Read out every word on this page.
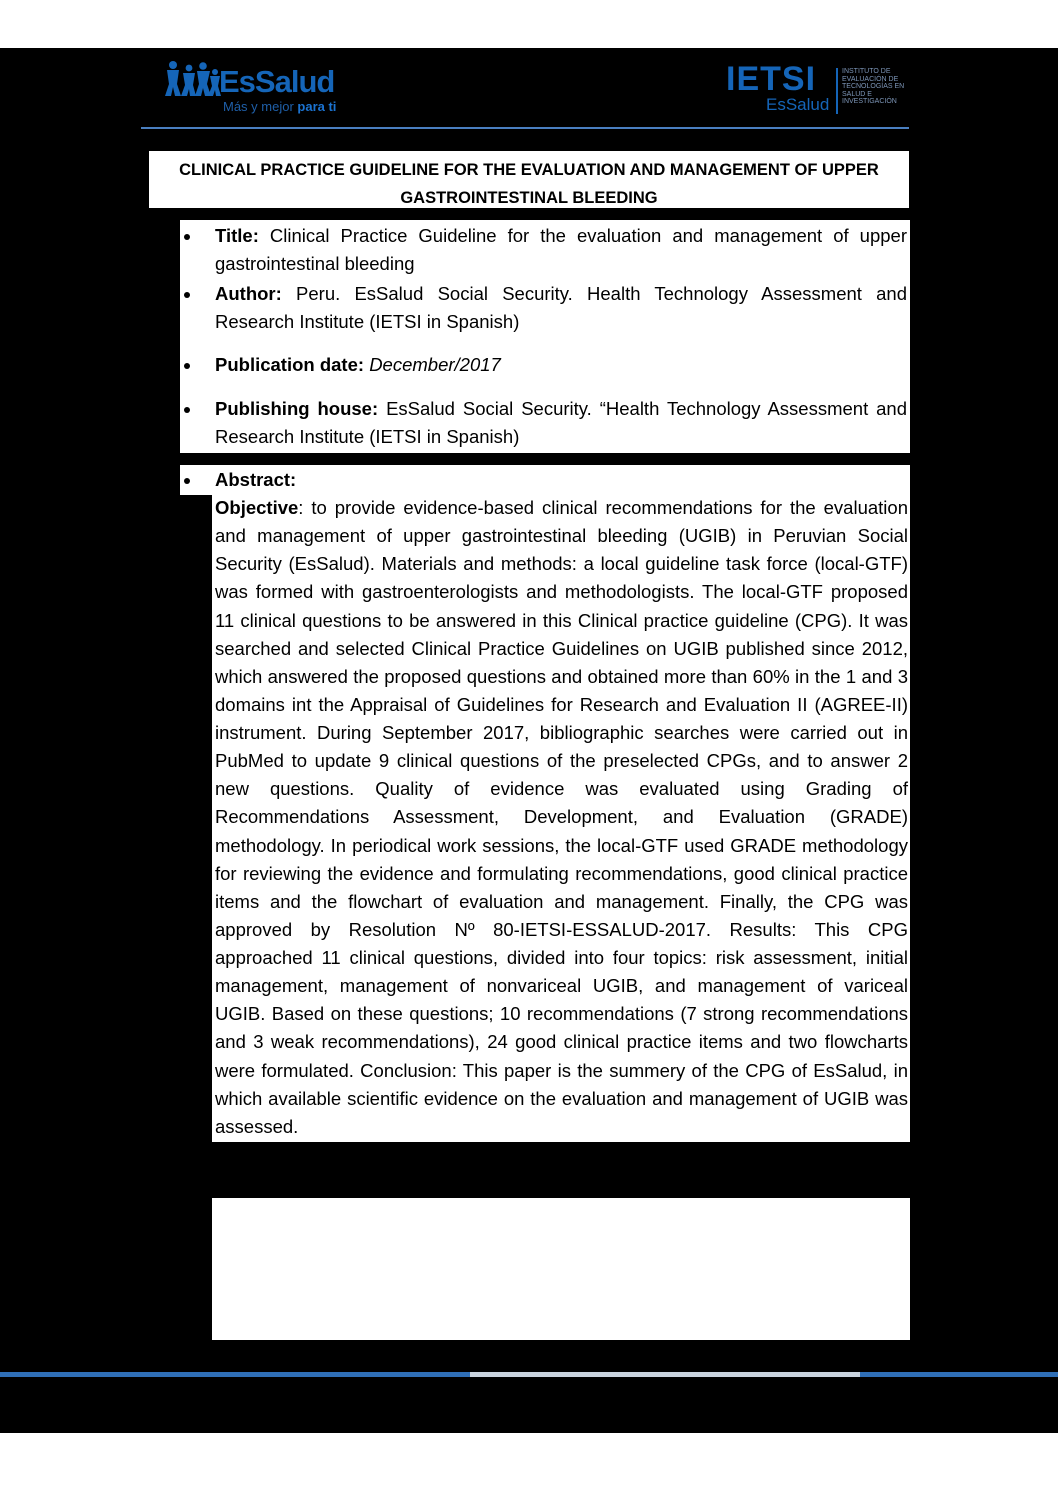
EsSalud
Más y mejor para ti
IETSI
EsSalud
INSTITUTO DE
EVALUACIÓN DE
TECNOLOGÍAS EN
SALUD E
INVESTIGACIÓN
CLINICAL PRACTICE GUIDELINE FOR THE EVALUATION AND MANAGEMENT OF UPPER
GASTROINTESTINAL BLEEDING
Title: Clinical Practice Guideline for the evaluation and management of upper gastrointestinal bleeding
Author: Peru. EsSalud Social Security. Health Technology Assessment and Research Institute (IETSI in Spanish)
Publication date: December/2017
Publishing house: EsSalud Social Security. “Health Technology Assessment and Research Institute (IETSI in Spanish)
Abstract:
Objective: to provide evidence-based clinical recommendations for the evaluation and management of upper gastrointestinal bleeding (UGIB) in Peruvian Social Security (EsSalud). Materials and methods: a local guideline task force (local-GTF) was formed with gastroenterologists and methodologists. The local-GTF proposed 11 clinical questions to be answered in this Clinical practice guideline (CPG). It was searched and selected Clinical Practice Guidelines on UGIB published since 2012, which answered the proposed questions and obtained more than 60% in the 1 and 3 domains int the Appraisal of Guidelines for Research and Evaluation II (AGREE-II) instrument. During September 2017, bibliographic searches were carried out in PubMed to update 9 clinical questions of the preselected CPGs, and to answer 2 new questions. Quality of evidence was evaluated using Grading of Recommendations Assessment, Development, and Evaluation (GRADE) methodology. In periodical work sessions, the local-GTF used GRADE methodology for reviewing the evidence and formulating recommendations, good clinical practice items and the flowchart of evaluation and management. Finally, the CPG was approved by Resolution Nº 80-IETSI-ESSALUD-2017. Results: This CPG approached 11 clinical questions, divided into four topics: risk assessment, initial management, management of nonvariceal UGIB, and management of variceal UGIB. Based on these questions; 10 recommendations (7 strong recommendations and 3 weak recommendations), 24 good clinical practice items and two flowcharts were formulated. Conclusion: This paper is the summery of the CPG of EsSalud, in which available scientific evidence on the evaluation and management of UGIB was assessed.
